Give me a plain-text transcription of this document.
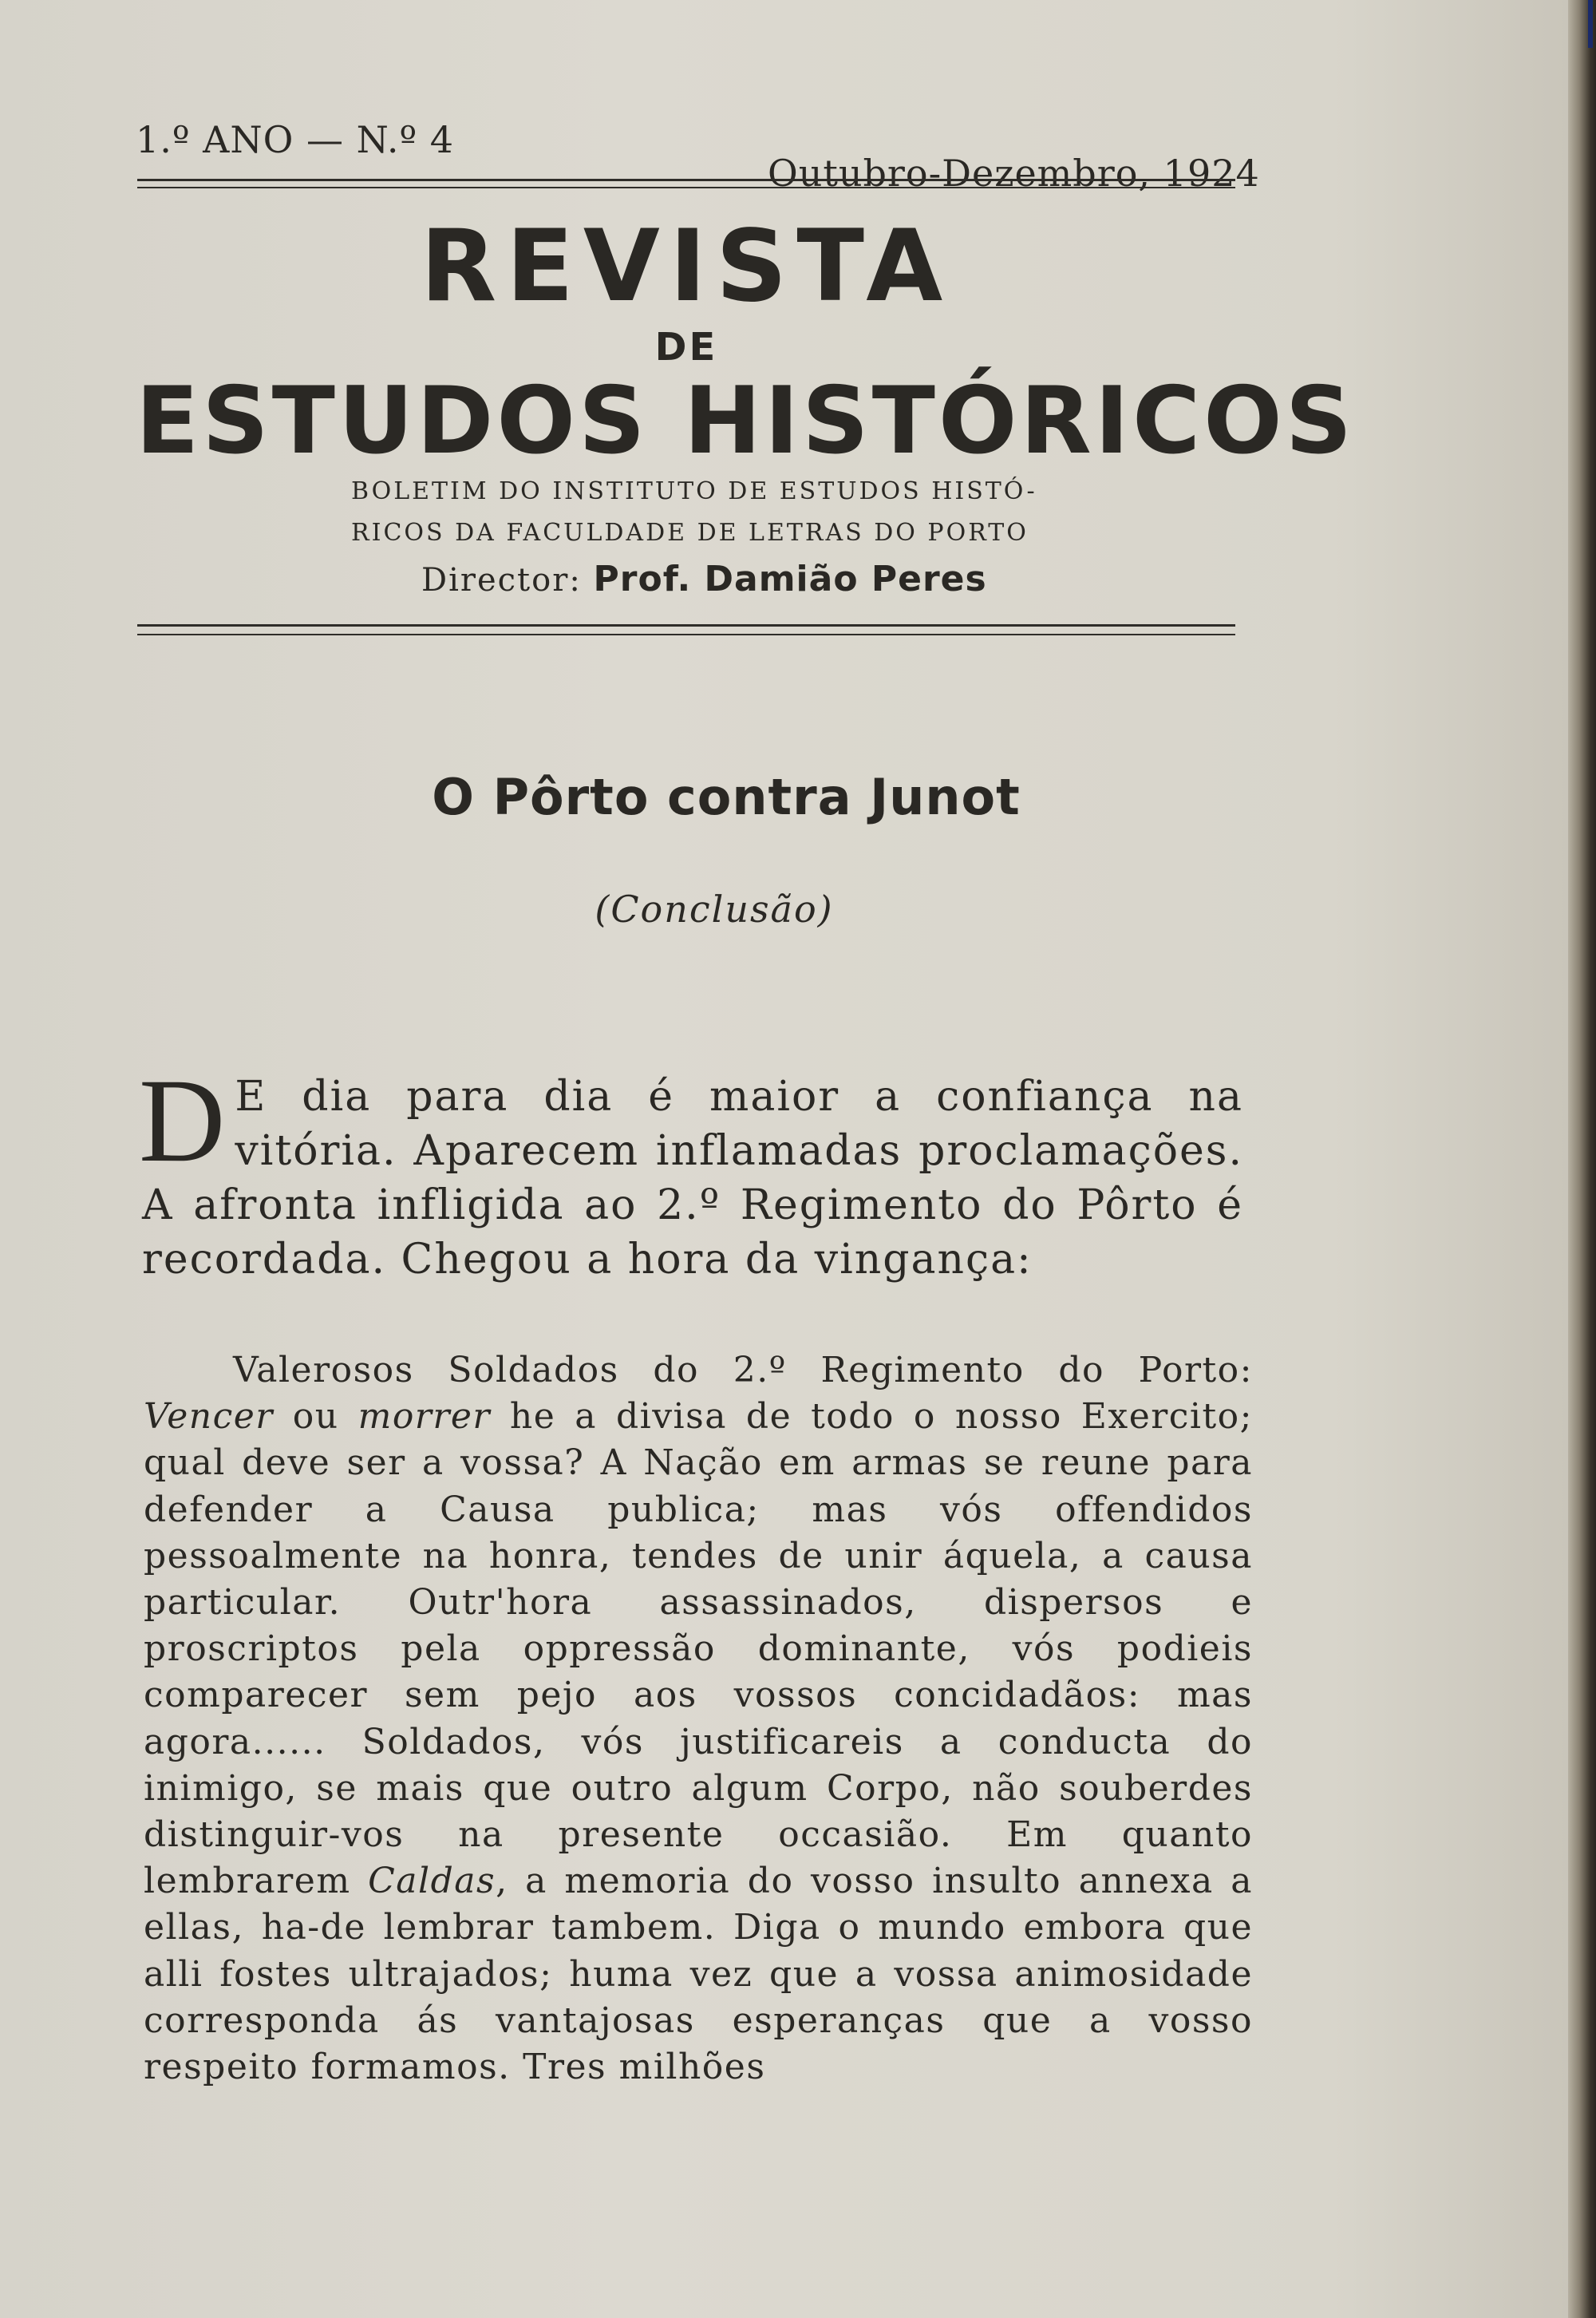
1.º ANO — N.º 4
Outubro-Dezembro, 1924
REVISTA
DE
ESTUDOS HISTÓRICOS
BOLETIM DO INSTITUTO DE ESTUDOS HISTÓ-
RICOS DA FACULDADE DE LETRAS DO PORTO
Director: Prof. Damião Peres
O Pôrto contra Junot
(Conclusão)
D E dia para dia é maior a confiança na vitória. Aparecem inflamadas proclamações. A afronta infligida ao 2.º Regimento do Pôrto é recordada. Chegou a hora da vingança:

Valerosos Soldados do 2.º Regimento do Porto: Vencer ou morrer he a divisa de todo o nosso Exercito; qual deve ser a vossa? A Nação em armas se reune para defender a Causa publica; mas vós offendidos pessoalmente na honra, tendes de unir áquela, a causa particular. Outr'hora assassinados, dispersos e proscriptos pela oppressão dominante, vós podieis comparecer sem pejo aos vossos concidadãos: mas agora...... Soldados, vós justificareis a conducta do inimigo, se mais que outro algum Corpo, não souberdes distinguir-vos na presente occasião. Em quanto lembrarem Caldas, a memoria do vosso insulto annexa a ellas, ha-de lembrar tambem. Diga o mundo embora que alli fostes ultrajados; huma vez que a vossa animosidade corresponda ás vantajosas esperanças que a vosso respeito formamos. Tres milhões
